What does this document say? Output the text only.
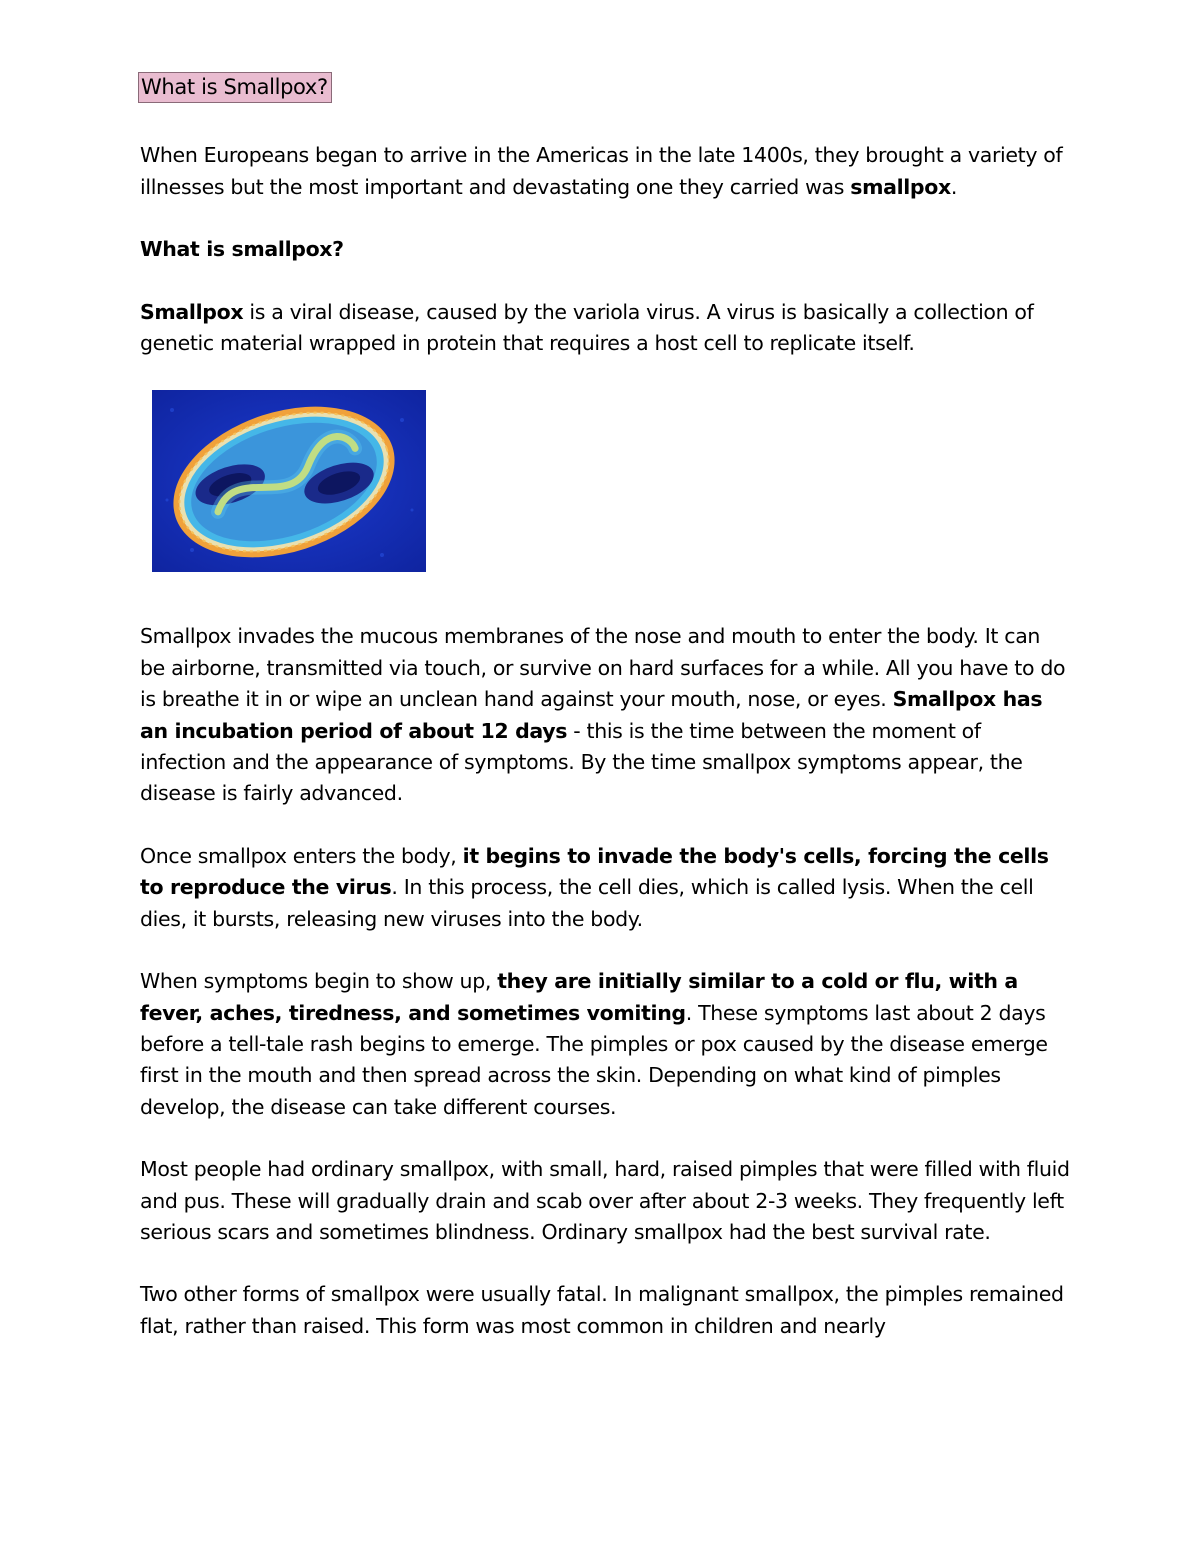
What is Smallpox?

When Europeans began to arrive in the Americas in the late 1400s, they brought a variety of illnesses but the most important and devastating one they carried was smallpox.

What is smallpox?

Smallpox is a viral disease, caused by the variola virus. A virus is basically a collection of genetic material wrapped in protein that requires a host cell to replicate itself.

Smallpox invades the mucous membranes of the nose and mouth to enter the body. It can be airborne, transmitted via touch, or survive on hard surfaces for a while. All you have to do is breathe it in or wipe an unclean hand against your mouth, nose, or eyes. Smallpox has an incubation period of about 12 days - this is the time between the moment of infection and the appearance of symptoms. By the time smallpox symptoms appear, the disease is fairly advanced.

Once smallpox enters the body, it begins to invade the body's cells, forcing the cells to reproduce the virus. In this process, the cell dies, which is called lysis. When the cell dies, it bursts, releasing new viruses into the body.

When symptoms begin to show up, they are initially similar to a cold or flu, with a fever, aches, tiredness, and sometimes vomiting. These symptoms last about 2 days before a tell-tale rash begins to emerge. The pimples or pox caused by the disease emerge first in the mouth and then spread across the skin. Depending on what kind of pimples develop, the disease can take different courses.

Most people had ordinary smallpox, with small, hard, raised pimples that were filled with fluid and pus. These will gradually drain and scab over after about 2-3 weeks. They frequently left serious scars and sometimes blindness. Ordinary smallpox had the best survival rate.

Two other forms of smallpox were usually fatal. In malignant smallpox, the pimples remained flat, rather than raised. This form was most common in children and nearly
